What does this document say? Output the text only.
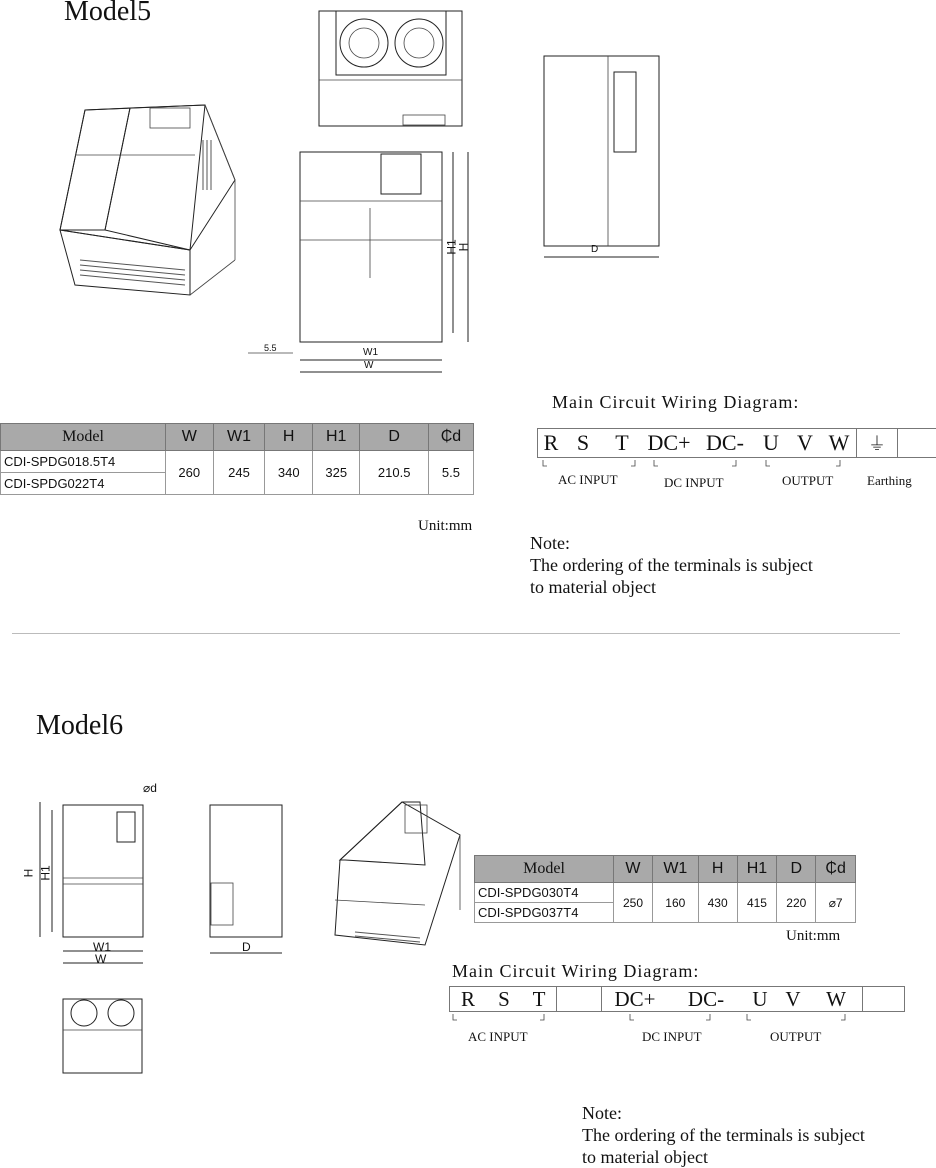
Model5
H1
H
W1
W
5.5
D
Model	W	W1	H	H1	D	₵d
CDI-SPDG018.5T4	260	245	340	325	210.5	5.5
CDI-SPDG022T4						
Unit:mm
Main Circuit Wiring Diagram:
R S	T DC+ DC- U V W	⏚
AC INPUT	DC INPUT	OUTPUT	Earthing
Note:
The ordering of the terminals is subject
to material object
Model6
H H1
W1
W
⌀d
D
Model	W	W1	H	H1	D	₵d
CDI-SPDG030T4	250	160	430	415	220	⌀7
CDI-SPDG037T4						
Unit:mm
Main Circuit Wiring Diagram:
R	S	T	DC+	DC-	U V	W
AC INPUT	DC INPUT	OUTPUT
Note:
The ordering of the terminals is subject
to material object
